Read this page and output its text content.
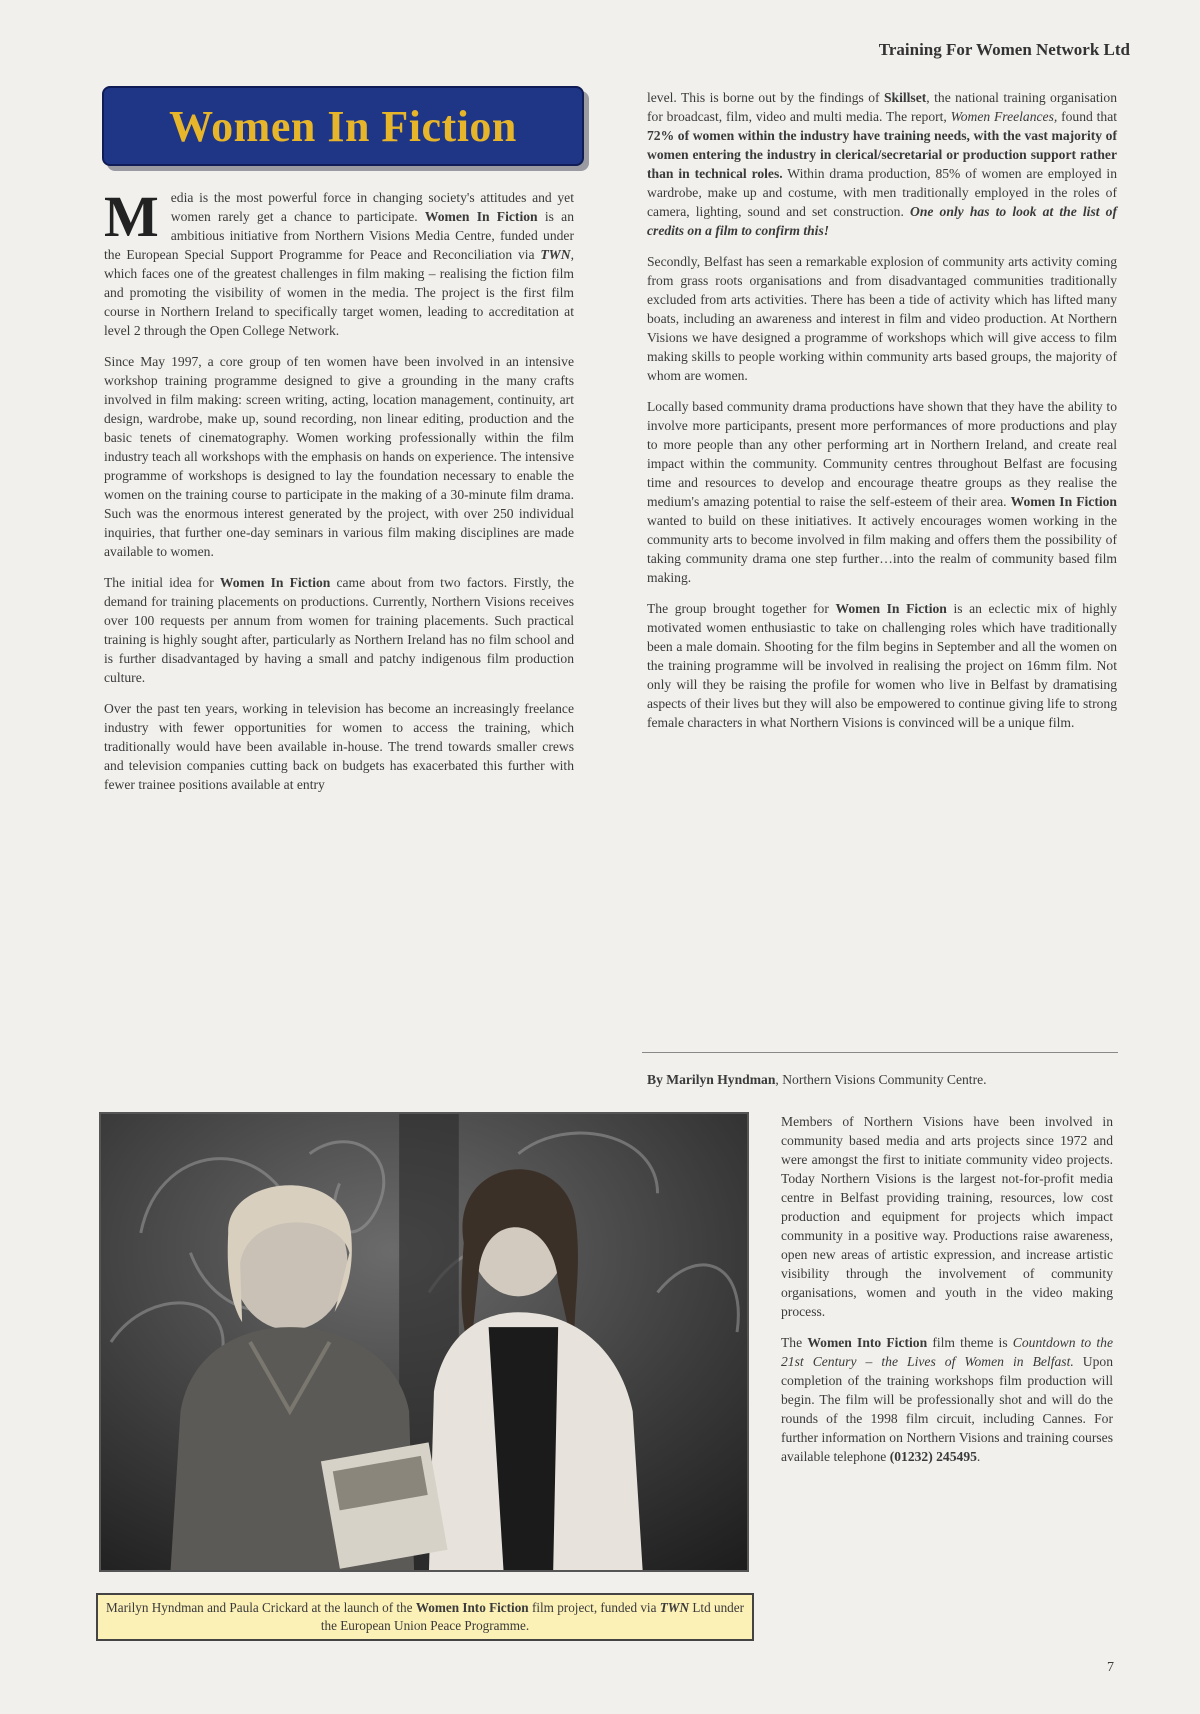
Training For Women Network Ltd
Women In Fiction

Media is the most powerful force in changing society's attitudes and yet women rarely get a chance to participate. Women In Fiction is an ambitious initiative from Northern Visions Media Centre, funded under the European Special Support Programme for Peace and Reconciliation via TWN, which faces one of the greatest challenges in film making – realising the fiction film and promoting the visibility of women in the media. The project is the first film course in Northern Ireland to specifically target women, leading to accreditation at level 2 through the Open College Network.

Since May 1997, a core group of ten women have been involved in an intensive workshop training programme designed to give a grounding in the many crafts involved in film making: screen writing, acting, location management, continuity, art design, wardrobe, make up, sound recording, non linear editing, production and the basic tenets of cinematography. Women working professionally within the film industry teach all workshops with the emphasis on hands on experience. The intensive programme of workshops is designed to lay the foundation necessary to enable the women on the training course to participate in the making of a 30-minute film drama. Such was the enormous interest generated by the project, with over 250 individual inquiries, that further one-day seminars in various film making disciplines are made available to women.

The initial idea for Women In Fiction came about from two factors. Firstly, the demand for training placements on productions. Currently, Northern Visions receives over 100 requests per annum from women for training placements. Such practical training is highly sought after, particularly as Northern Ireland has no film school and is further disadvantaged by having a small and patchy indigenous film production culture.

Over the past ten years, working in television has become an increasingly freelance industry with fewer opportunities for women to access the training, which traditionally would have been available in-house. The trend towards smaller crews and television companies cutting back on budgets has exacerbated this further with fewer trainee positions available at entry

level. This is borne out by the findings of Skillset, the national training organisation for broadcast, film, video and multi media. The report, Women Freelances, found that 72% of women within the industry have training needs, with the vast majority of women entering the industry in clerical/secretarial or production support rather than in technical roles. Within drama production, 85% of women are employed in wardrobe, make up and costume, with men traditionally employed in the roles of camera, lighting, sound and set construction. One only has to look at the list of credits on a film to confirm this!

Secondly, Belfast has seen a remarkable explosion of community arts activity coming from grass roots organisations and from disadvantaged communities traditionally excluded from arts activities. There has been a tide of activity which has lifted many boats, including an awareness and interest in film and video production. At Northern Visions we have designed a programme of workshops which will give access to film making skills to people working within community arts based groups, the majority of whom are women.

Locally based community drama productions have shown that they have the ability to involve more participants, present more performances of more productions and play to more people than any other performing art in Northern Ireland, and create real impact within the community. Community centres throughout Belfast are focusing time and resources to develop and encourage theatre groups as they realise the medium's amazing potential to raise the self-esteem of their area. Women In Fiction wanted to build on these initiatives. It actively encourages women working in the community arts to become involved in film making and offers them the possibility of taking community drama one step further…into the realm of community based film making.

The group brought together for Women In Fiction is an eclectic mix of highly motivated women enthusiastic to take on challenging roles which have traditionally been a male domain. Shooting for the film begins in September and all the women on the training programme will be involved in realising the project on 16mm film. Not only will they be raising the profile for women who live in Belfast by dramatising aspects of their lives but they will also be empowered to continue giving life to strong female characters in what Northern Visions is convinced will be a unique film.

By Marilyn Hyndman, Northern Visions Community Centre.
Marilyn Hyndman and Paula Crickard at the launch of the Women Into Fiction film project, funded via TWN Ltd under the European Union Peace Programme.

Members of Northern Visions have been involved in community based media and arts projects since 1972 and were amongst the first to initiate community video projects. Today Northern Visions is the largest not-for-profit media centre in Belfast providing training, resources, low cost production and equipment for projects which impact community in a positive way. Productions raise awareness, open new areas of artistic expression, and increase artistic visibility through the involvement of community organisations, women and youth in the video making process.

The Women Into Fiction film theme is Countdown to the 21st Century – the Lives of Women in Belfast. Upon completion of the training workshops film production will begin. The film will be professionally shot and will do the rounds of the 1998 film circuit, including Cannes. For further information on Northern Visions and training courses available telephone (01232) 245495.

7
